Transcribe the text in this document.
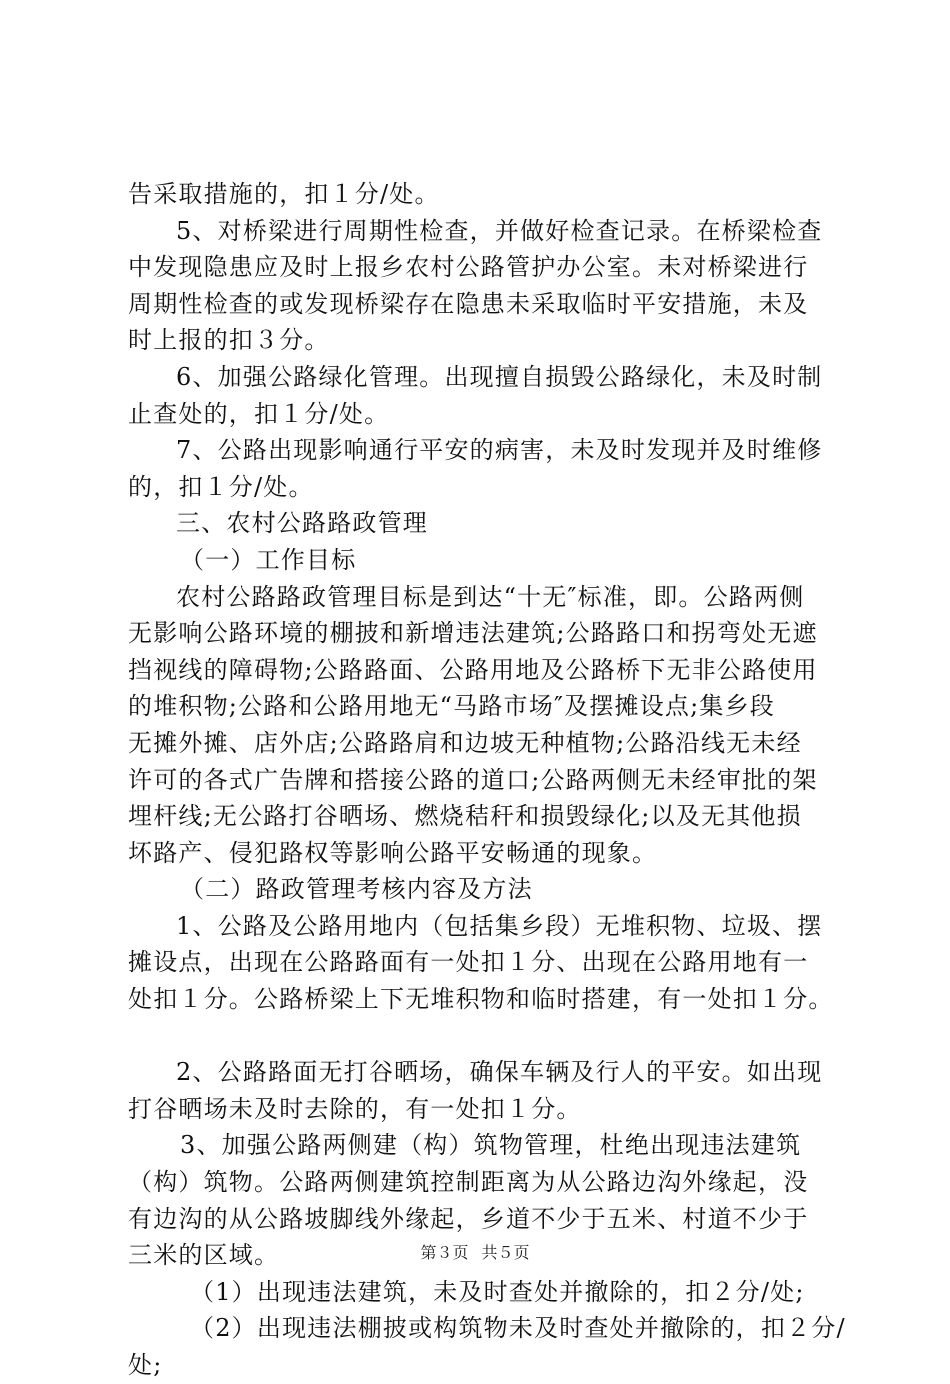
告采取措施的，扣１分/处。
5、对桥梁进行周期性检查，并做好检查记录。在桥梁检查
中发现隐患应及时上报乡农村公路管护办公室。未对桥梁进行
周期性检查的或发现桥梁存在隐患未采取临时平安措施，未及
时上报的扣３分。
6、加强公路绿化管理。出现擅自损毁公路绿化，未及时制
止查处的，扣１分/处。
7、公路出现影响通行平安的病害，未及时发现并及时维修
的，扣１分/处。
三、农村公路路政管理
（一）工作目标
农村公路路政管理目标是到达“十无″标准，即。公路两侧
无影响公路环境的棚披和新增违法建筑;公路路口和拐弯处无遮
挡视线的障碍物;公路路面、公路用地及公路桥下无非公路使用
的堆积物;公路和公路用地无“马路市场″及摆摊设点;集乡段
无摊外摊、店外店;公路路肩和边坡无种植物;公路沿线无未经
许可的各式广告牌和搭接公路的道口;公路两侧无未经审批的架
埋杆线;无公路打谷晒场、燃烧秸秆和损毁绿化;以及无其他损
坏路产、侵犯路权等影响公路平安畅通的现象。
（二）路政管理考核内容及方法
1、公路及公路用地内（包括集乡段）无堆积物、垃圾、摆
摊设点，出现在公路路面有一处扣１分、出现在公路用地有一
处扣１分。公路桥梁上下无堆积物和临时搭建，有一处扣１分。
2、公路路面无打谷晒场，确保车辆及行人的平安。如出现
打谷晒场未及时去除的，有一处扣１分。
3、加强公路两侧建（构）筑物管理，杜绝出现违法建筑
（构）筑物。公路两侧建筑控制距离为从公路边沟外缘起，没
有边沟的从公路坡脚线外缘起，乡道不少于五米、村道不少于
三米的区域。
（1）出现违法建筑，未及时查处并撤除的，扣２分/处;
（2）出现违法棚披或构筑物未及时查处并撤除的，扣２分/
处;
第３页 共５页
